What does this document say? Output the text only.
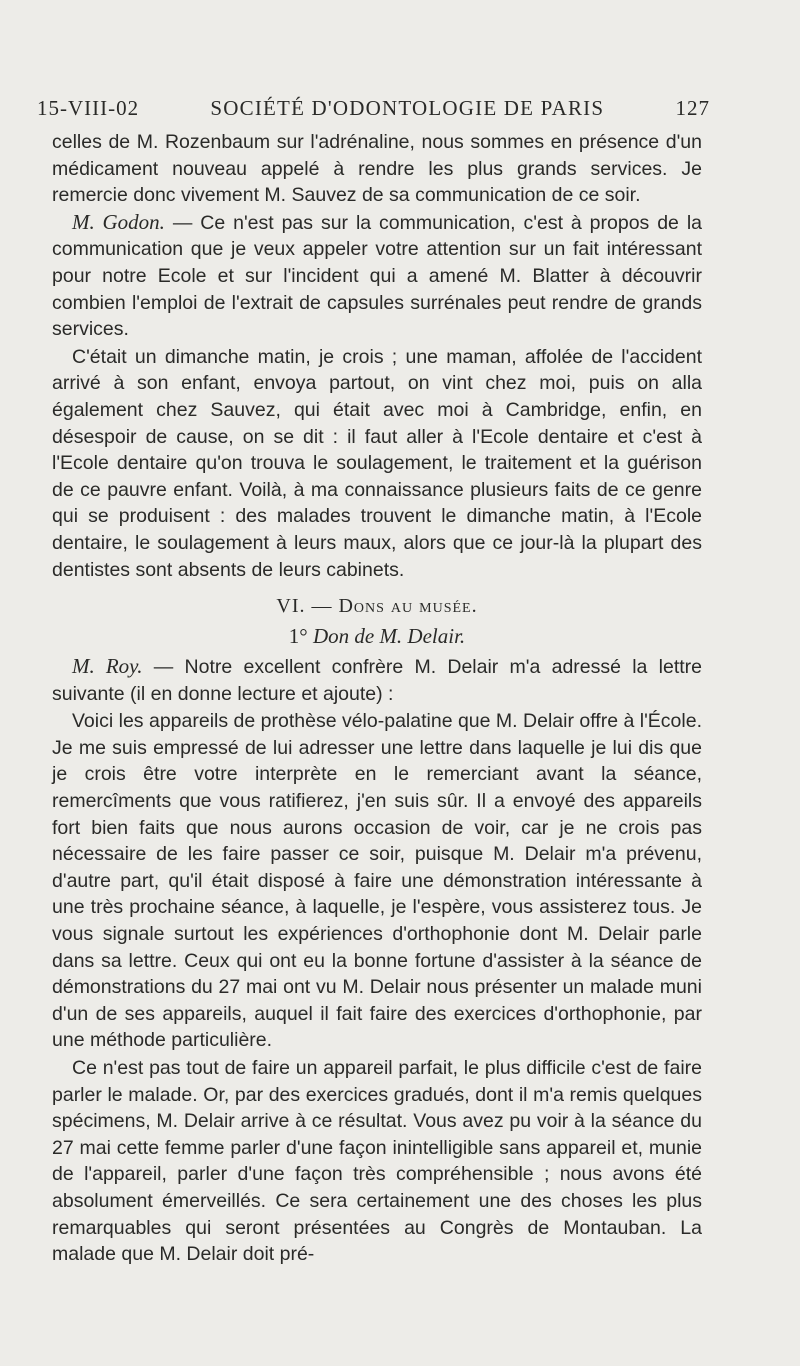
15-VIII-02	SOCIÉTÉ D'ODONTOLOGIE DE PARIS	127

celles de M. Rozenbaum sur l'adrénaline, nous sommes en présence d'un médicament nouveau appelé à rendre les plus grands services. Je remercie donc vivement M. Sauvez de sa communication de ce soir.

M. Godon. — Ce n'est pas sur la communication, c'est à propos de la communication que je veux appeler votre attention sur un fait intéressant pour notre Ecole et sur l'incident qui a amené M. Blatter à découvrir combien l'emploi de l'extrait de capsules surrénales peut rendre de grands services.

C'était un dimanche matin, je crois ; une maman, affolée de l'accident arrivé à son enfant, envoya partout, on vint chez moi, puis on alla également chez Sauvez, qui était avec moi à Cambridge, enfin, en désespoir de cause, on se dit : il faut aller à l'Ecole dentaire et c'est à l'Ecole dentaire qu'on trouva le soulagement, le traitement et la guérison de ce pauvre enfant. Voilà, à ma connaissance plusieurs faits de ce genre qui se produisent : des malades trouvent le dimanche matin, à l'Ecole dentaire, le soulagement à leurs maux, alors que ce jour-là la plupart des dentistes sont absents de leurs cabinets.

VI. — Dons au musée.
1° Don de M. Delair.

M. Roy. — Notre excellent confrère M. Delair m'a adressé la lettre suivante (il en donne lecture et ajoute) :

Voici les appareils de prothèse vélo-palatine que M. Delair offre à l'École. Je me suis empressé de lui adresser une lettre dans laquelle je lui dis que je crois être votre interprète en le remerciant avant la séance, remercîments que vous ratifierez, j'en suis sûr. Il a envoyé des appareils fort bien faits que nous aurons occasion de voir, car je ne crois pas nécessaire de les faire passer ce soir, puisque M. Delair m'a prévenu, d'autre part, qu'il était disposé à faire une démonstration intéressante à une très prochaine séance, à laquelle, je l'espère, vous assisterez tous. Je vous signale surtout les expériences d'orthophonie dont M. Delair parle dans sa lettre. Ceux qui ont eu la bonne fortune d'assister à la séance de démonstrations du 27 mai ont vu M. Delair nous présenter un malade muni d'un de ses appareils, auquel il fait faire des exercices d'orthophonie, par une méthode particulière.

Ce n'est pas tout de faire un appareil parfait, le plus difficile c'est de faire parler le malade. Or, par des exercices gradués, dont il m'a remis quelques spécimens, M. Delair arrive à ce résultat. Vous avez pu voir à la séance du 27 mai cette femme parler d'une façon inintelligible sans appareil et, munie de l'appareil, parler d'une façon très compréhensible ; nous avons été absolument émerveillés. Ce sera certainement une des choses les plus remarquables qui seront présentées au Congrès de Montauban. La malade que M. Delair doit pré-
